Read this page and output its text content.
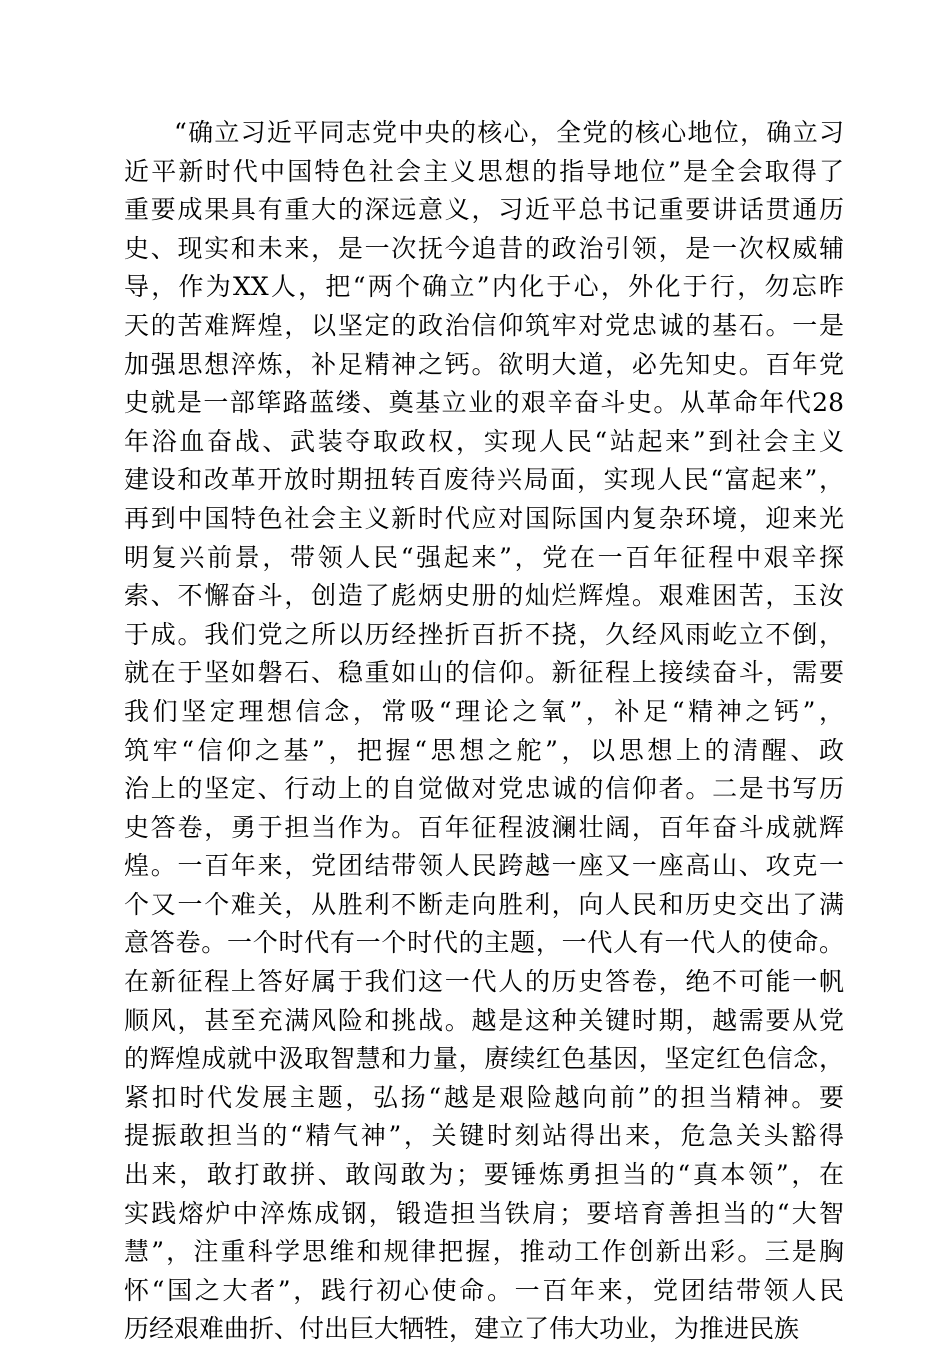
“确立习近平同志党中央的核心，全党的核心地位，确立习
近平新时代中国特色社会主义思想的指导地位”是全会取得了
重要成果具有重大的深远意义，习近平总书记重要讲话贯通历
史、现实和未来，是一次抚今追昔的政治引领，是一次权威辅
导，作为XX人，把“两个确立”内化于心，外化于行，勿忘昨
天的苦难辉煌，以坚定的政治信仰筑牢对党忠诚的基石。一是
加强思想淬炼，补足精神之钙。欲明大道，必先知史。百年党
史就是一部筚路蓝缕、奠基立业的艰辛奋斗史。从革命年代28
年浴血奋战、武装夺取政权，实现人民“站起来”到社会主义
建设和改革开放时期扭转百废待兴局面，实现人民“富起来”，
再到中国特色社会主义新时代应对国际国内复杂环境，迎来光
明复兴前景，带领人民“强起来”，党在一百年征程中艰辛探
索、不懈奋斗，创造了彪炳史册的灿烂辉煌。艰难困苦，玉汝
于成。我们党之所以历经挫折百折不挠，久经风雨屹立不倒，
就在于坚如磐石、稳重如山的信仰。新征程上接续奋斗，需要
我们坚定理想信念，常吸“理论之氧”，补足“精神之钙”，
筑牢“信仰之基”，把握“思想之舵”，以思想上的清醒、政
治上的坚定、行动上的自觉做对党忠诚的信仰者。二是书写历
史答卷，勇于担当作为。百年征程波澜壮阔，百年奋斗成就辉
煌。一百年来，党团结带领人民跨越一座又一座高山、攻克一
个又一个难关，从胜利不断走向胜利，向人民和历史交出了满
意答卷。一个时代有一个时代的主题，一代人有一代人的使命。
在新征程上答好属于我们这一代人的历史答卷，绝不可能一帆
顺风，甚至充满风险和挑战。越是这种关键时期，越需要从党
的辉煌成就中汲取智慧和力量，赓续红色基因，坚定红色信念，
紧扣时代发展主题，弘扬“越是艰险越向前”的担当精神。要
提振敢担当的“精气神”，关键时刻站得出来，危急关头豁得
出来，敢打敢拼、敢闯敢为；要锤炼勇担当的“真本领”，在
实践熔炉中淬炼成钢，锻造担当铁肩；要培育善担当的“大智
慧”，注重科学思维和规律把握，推动工作创新出彩。三是胸
怀“国之大者”，践行初心使命。一百年来，党团结带领人民
历经艰难曲折、付出巨大牺牲，建立了伟大功业，为推进民族
